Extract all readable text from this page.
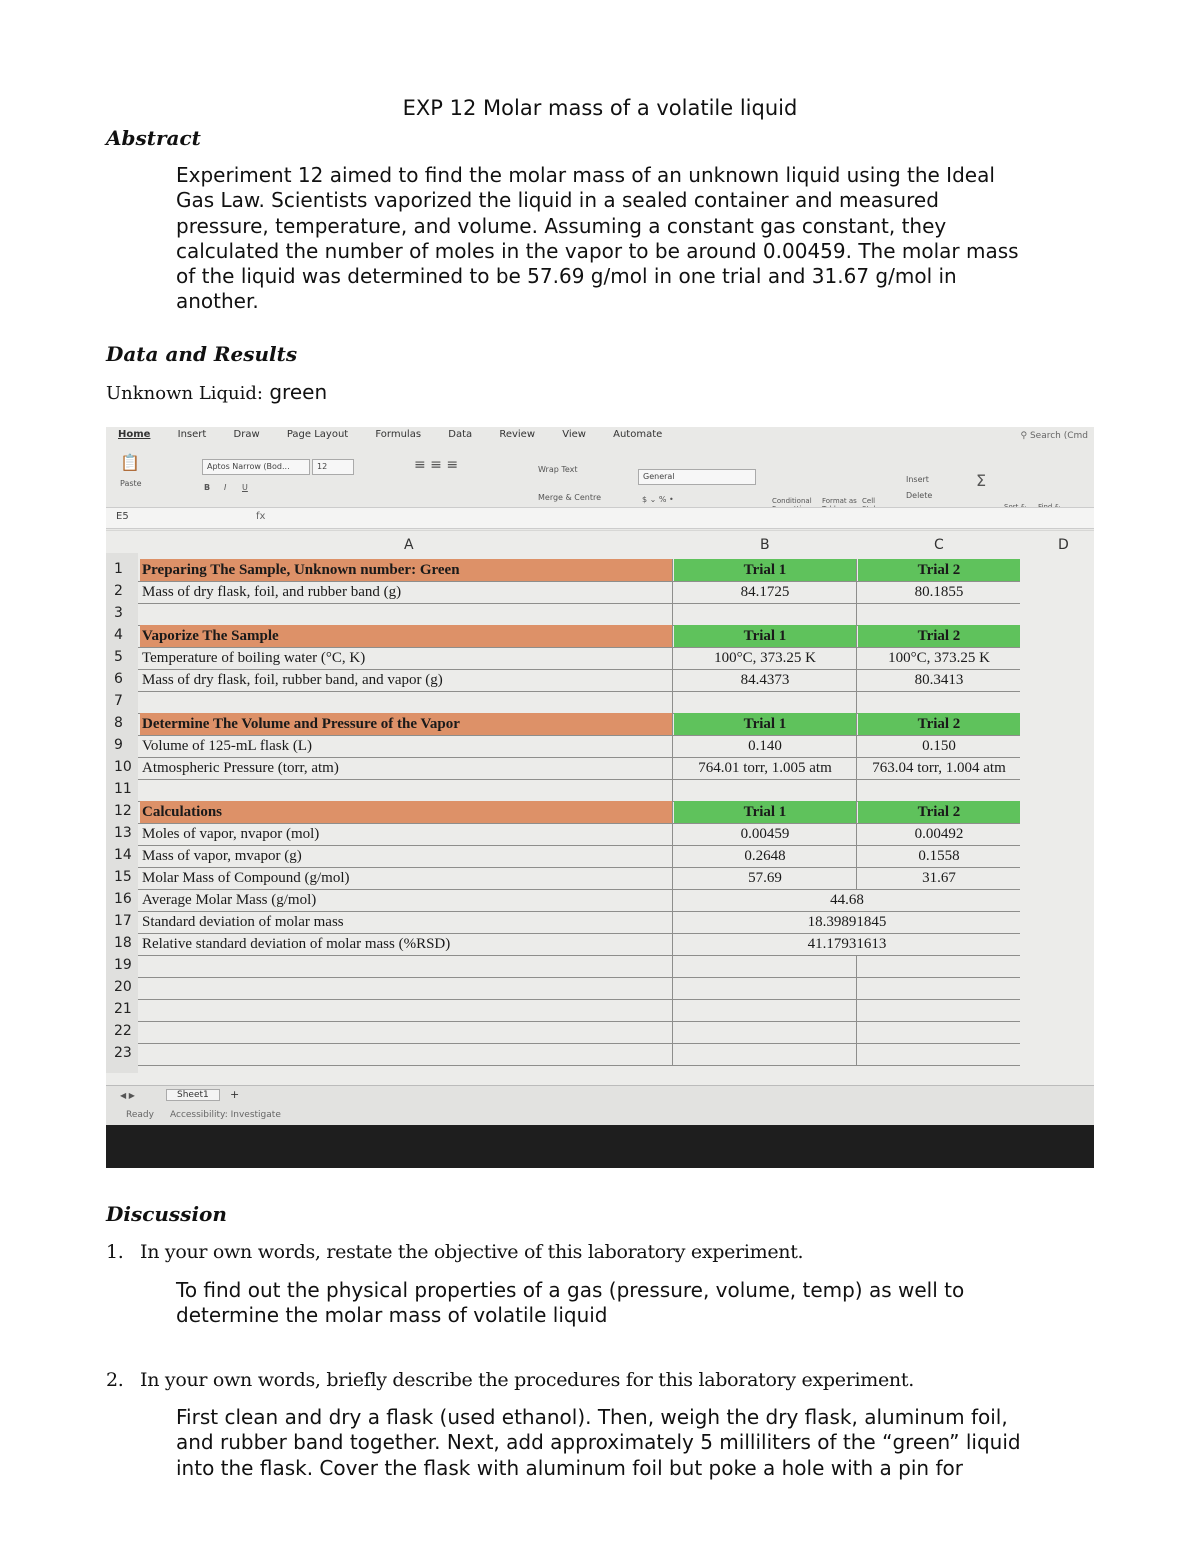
EXP 12 Molar mass of a volatile liquid
Abstract
Experiment 12 aimed to find the molar mass of an unknown liquid using the Ideal
Gas Law. Scientists vaporized the liquid in a sealed container and measured
pressure, temperature, and volume. Assuming a constant gas constant, they
calculated the number of moles in the vapor to be around 0.00459. The molar mass
of the liquid was determined to be 57.69 g/mol in one trial and 31.67 g/mol in
another.
Data and Results
Unknown Liquid: green
Home	Insert	Draw	Page Layout	Formulas	Data	Review	View	Automate	⚲ Search (Cmd
📋
Paste
Aptos Narrow (Bod...	12
B I U
≡ ≡ ≡	Wrap Text
Merge & Centre
General
$ ⌄ % •	Conditional	Format as Cell
Insert
Delete
Σ
E5	fx
A	B	C	D
1	Preparing The Sample, Unknown number: Green	Trial 1	Trial 2
2	Mass of dry flask, foil, and rubber band (g)	84.1725	80.1855
3
4	Vaporize The Sample	Trial 1	Trial 2
5	Temperature of boiling water (°C, K)	100°C, 373.25 K	100°C, 373.25 K
6	Mass of dry flask, foil, rubber band, and vapor (g)	84.4373	80.3413
7
8	Determine The Volume and Pressure of the Vapor	Trial 1	Trial 2
9	Volume of 125-mL flask (L)	0.140	0.150
10 Atmospheric Pressure (torr, atm)	764.01 torr, 1.005 atm	763.04 torr, 1.004 atm
11
12 Calculations	Trial 1	Trial 2
13 Moles of vapor, nvapor (mol)	0.00459	0.00492
14 Mass of vapor, mvapor (g)	0.2648	0.1558
15 Molar Mass of Compound (g/mol)	57.69	31.67
16 Average Molar Mass (g/mol)	44.68
17 Standard deviation of molar mass	18.39891845
18 Relative standard deviation of molar mass (%RSD)	41.17931613
19
20
21
22
23
◀ ▶	Sheet1	+
Ready Accessibility: Investigate
Discussion
1. In your own words, restate the objective of this laboratory experiment.
To find out the physical properties of a gas (pressure, volume, temp) as well to
determine the molar mass of volatile liquid
2. In your own words, briefly describe the procedures for this laboratory experiment.
First clean and dry a flask (used ethanol). Then, weigh the dry flask, aluminum foil,
and rubber band together. Next, add approximately 5 milliliters of the “green” liquid
into the flask. Cover the flask with aluminum foil but poke a hole with a pin for
